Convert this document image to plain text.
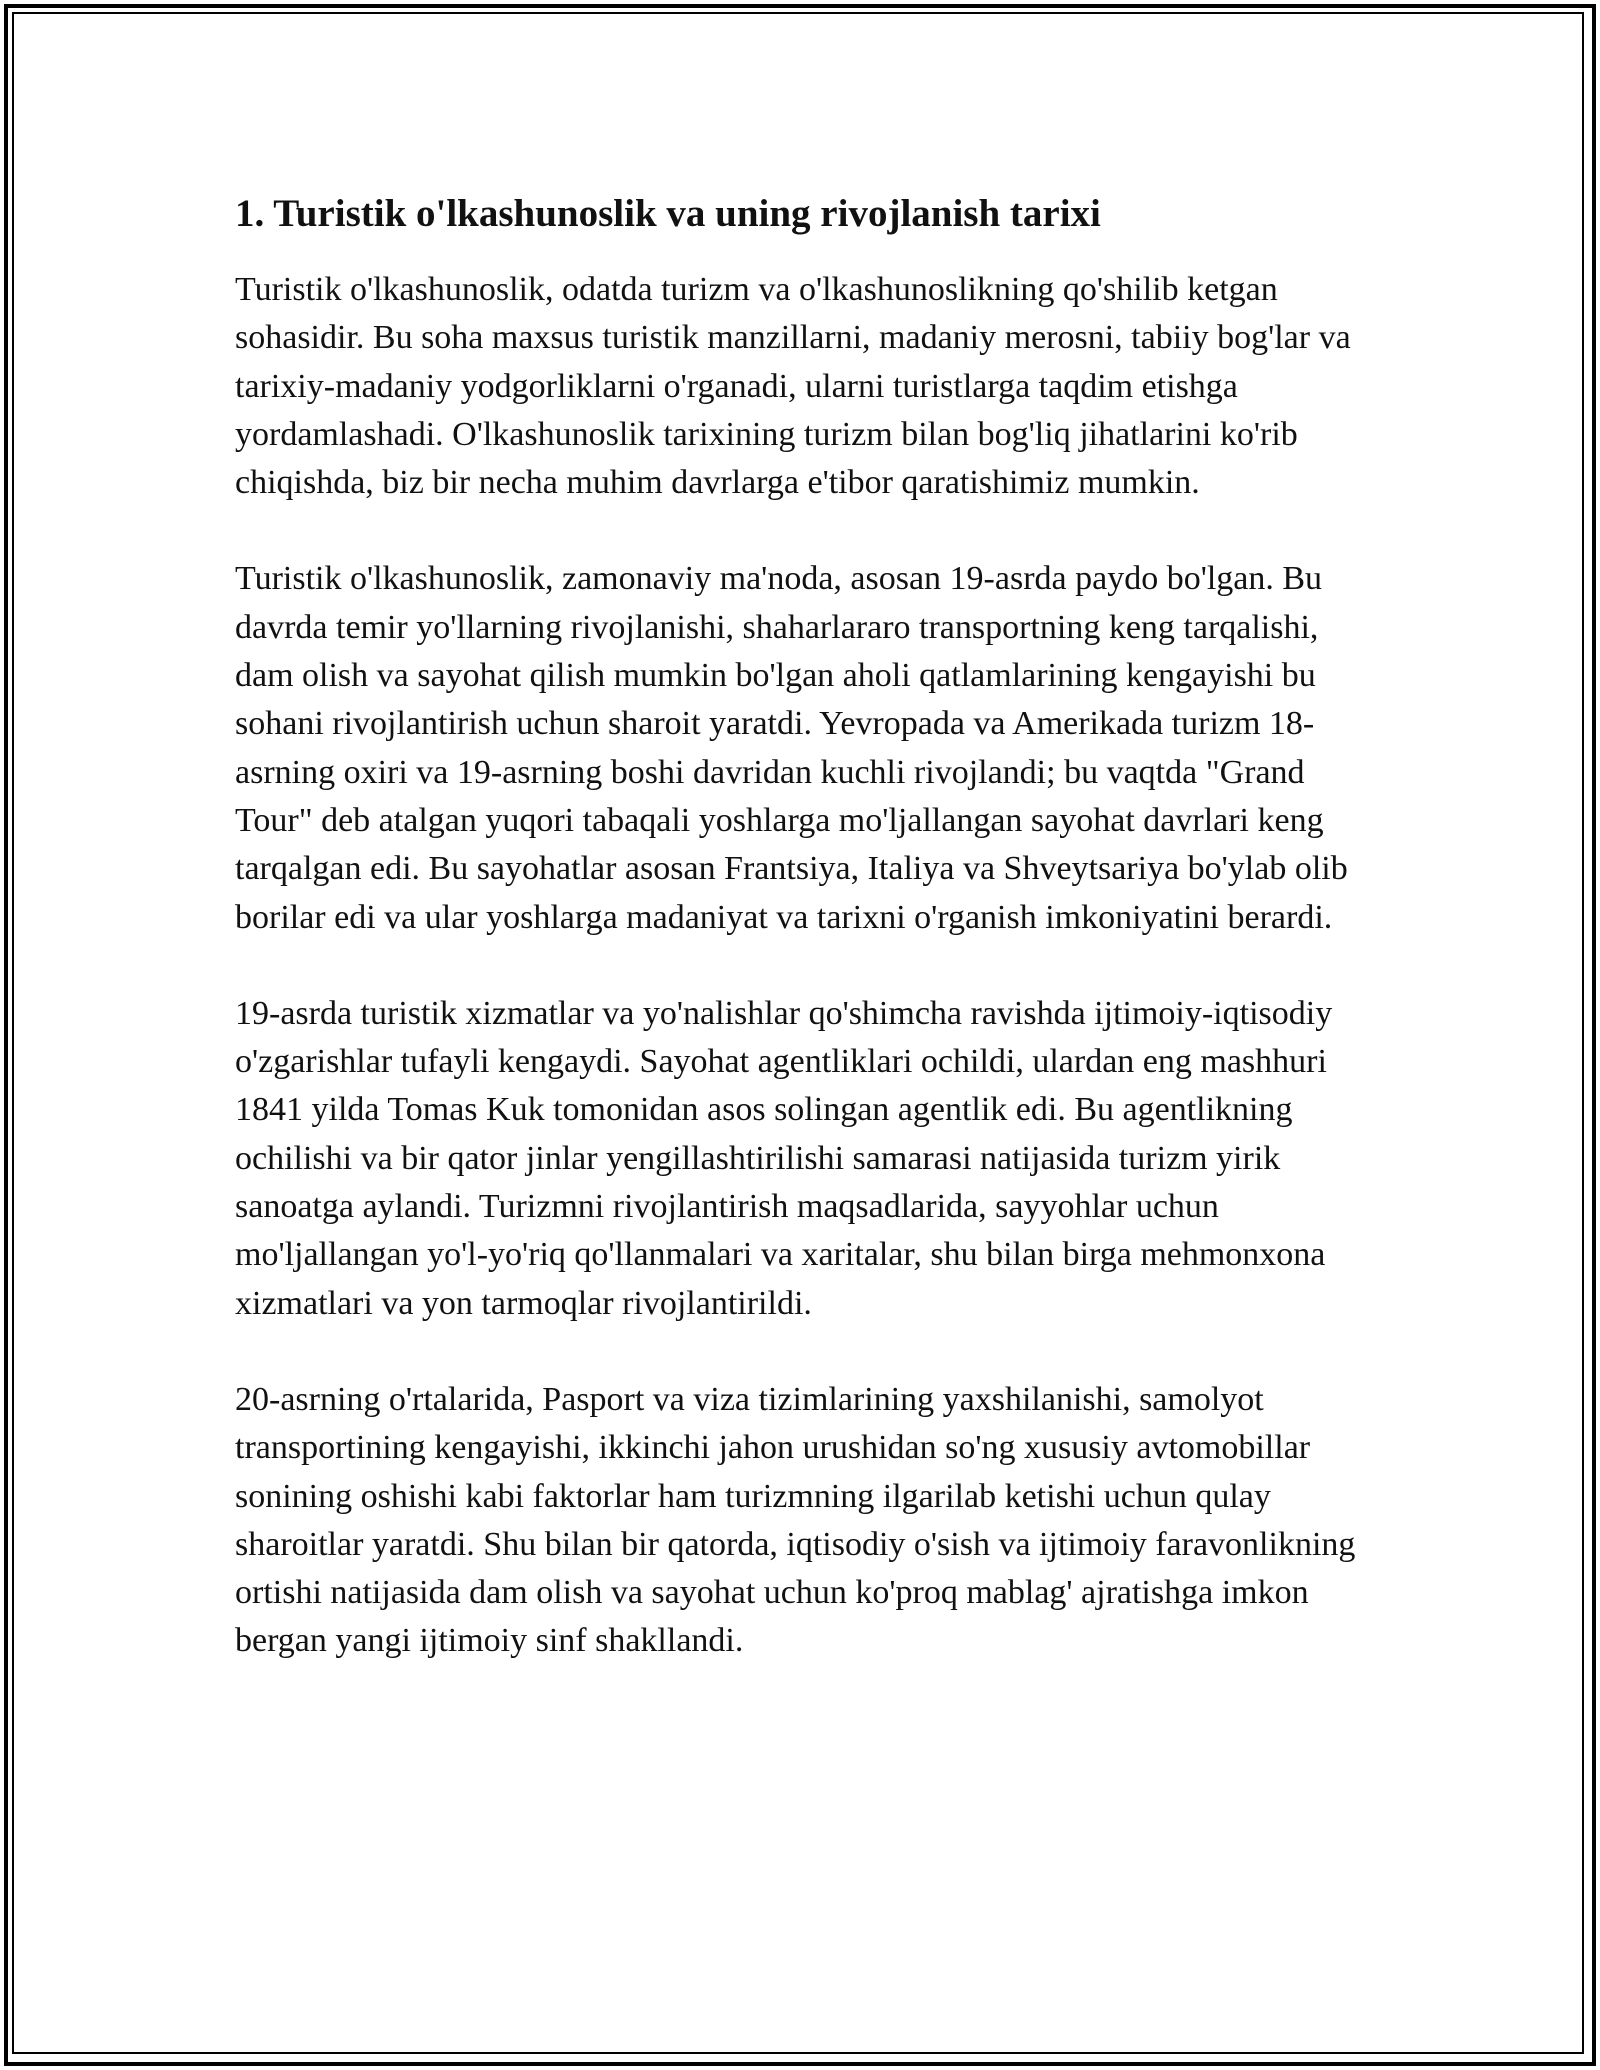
1. Turistik o'lkashunoslik va uning rivojlanish tarixi

Turistik o'lkashunoslik, odatda turizm va o'lkashunoslikning qo'shilib ketgan sohasidir. Bu soha maxsus turistik manzillarni, madaniy merosni, tabiiy bog'lar va tarixiy-madaniy yodgorliklarni o'rganadi, ularni turistlarga taqdim etishga yordamlashadi. O'lkashunoslik tarixining turizm bilan bog'liq jihatlarini ko'rib chiqishda, biz bir necha muhim davrlarga e'tibor qaratishimiz mumkin.

Turistik o'lkashunoslik, zamonaviy ma'noda, asosan 19-asrda paydo bo'lgan. Bu davrda temir yo'llarning rivojlanishi, shaharlararo transportning keng tarqalishi, dam olish va sayohat qilish mumkin bo'lgan aholi qatlamlarining kengayishi bu sohani rivojlantirish uchun sharoit yaratdi. Yevropada va Amerikada turizm 18-asrning oxiri va 19-asrning boshi davridan kuchli rivojlandi; bu vaqtda "Grand Tour" deb atalgan yuqori tabaqali yoshlarga mo'ljallangan sayohat davrlari keng tarqalgan edi. Bu sayohatlar asosan Frantsiya, Italiya va Shveytsariya bo'ylab olib borilar edi va ular yoshlarga madaniyat va tarixni o'rganish imkoniyatini berardi.

19-asrda turistik xizmatlar va yo'nalishlar qo'shimcha ravishda ijtimoiy-iqtisodiy o'zgarishlar tufayli kengaydi. Sayohat agentliklari ochildi, ulardan eng mashhuri 1841 yilda Tomas Kuk tomonidan asos solingan agentlik edi. Bu agentlikning ochilishi va bir qator jinlar yengillashtirilishi samarasi natijasida turizm yirik sanoatga aylandi. Turizmni rivojlantirish maqsadlarida, sayyohlar uchun mo'ljallangan yo'l-yo'riq qo'llanmalari va xaritalar, shu bilan birga mehmonxona xizmatlari va yon tarmoqlar rivojlantirildi.

20-asrning o'rtalarida, Pasport va viza tizimlarining yaxshilanishi, samolyot transportining kengayishi, ikkinchi jahon urushidan so'ng xususiy avtomobillar sonining oshishi kabi faktorlar ham turizmning ilgarilab ketishi uchun qulay sharoitlar yaratdi. Shu bilan bir qatorda, iqtisodiy o'sish va ijtimoiy faravonlikning ortishi natijasida dam olish va sayohat uchun ko'proq mablag' ajratishga imkon bergan yangi ijtimoiy sinf shakllandi.
